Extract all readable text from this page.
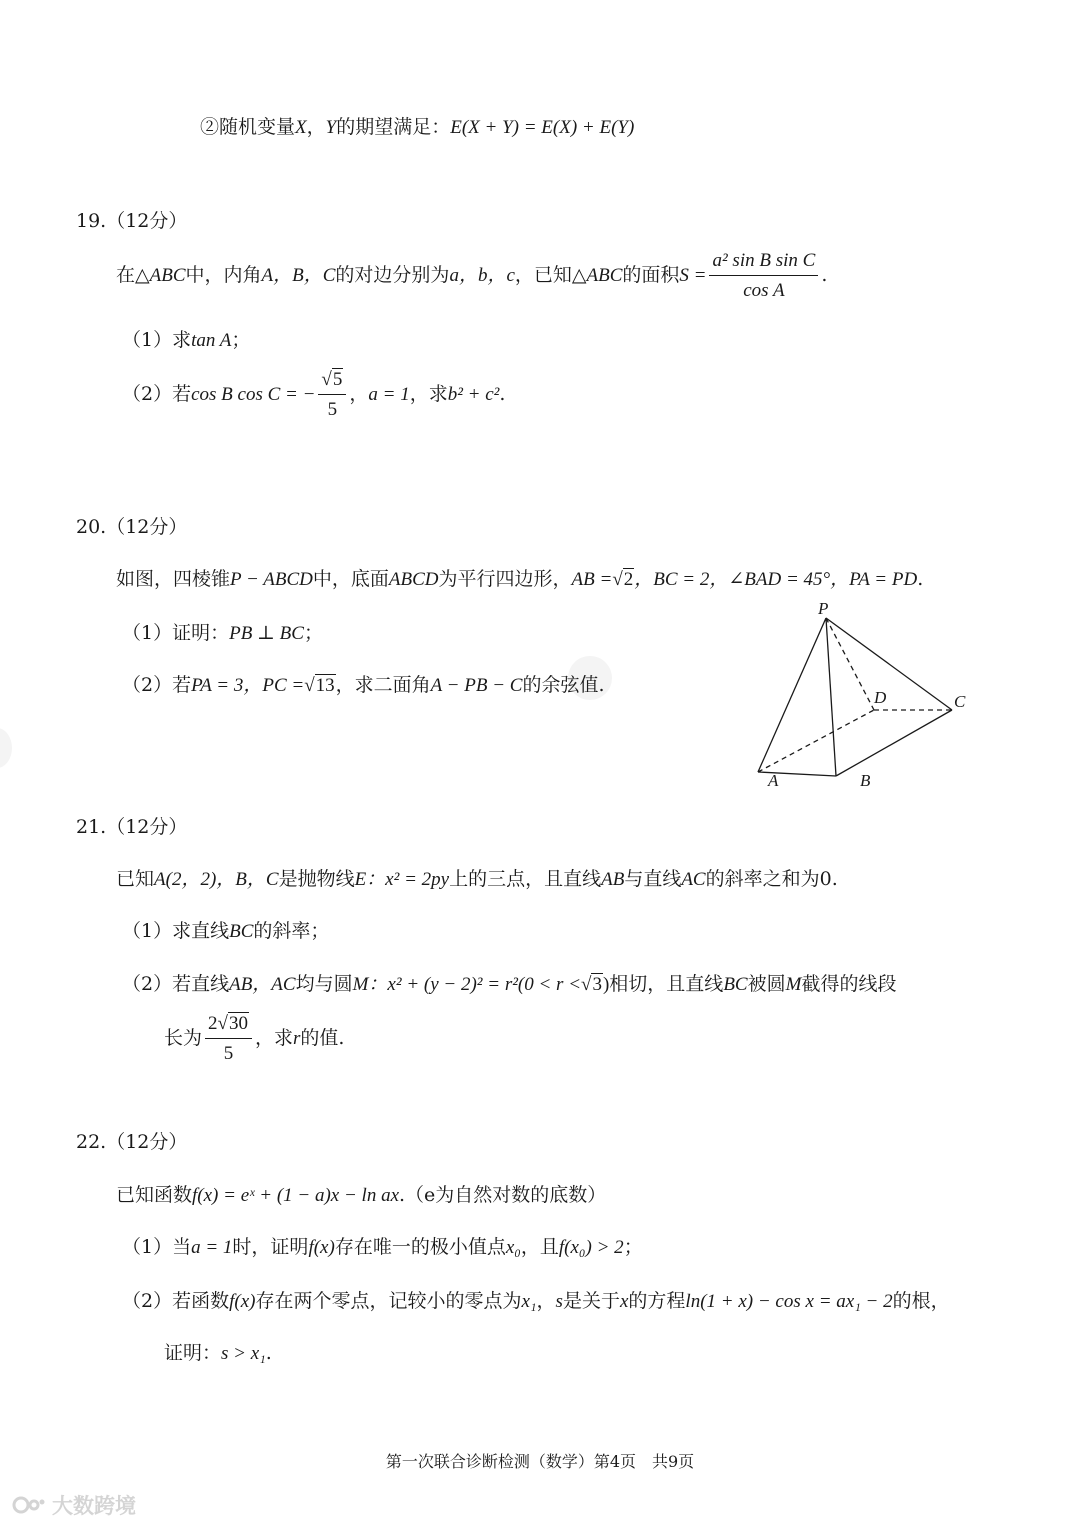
②随机变量X，Y的期望满足：E(X + Y) = E(X) + E(Y)
19.（12分）
在△ABC中，内角A，B，C的对边分别为a，b，c，已知△ABC的面积$S = \frac{\text{a² sin B sin C}}{\text{cos A}}$ .
（1）求tan A；
（2）若cos B cos C = − $\frac{√5}{5}$ ，a = 1，求b² + c².
20.（12分）
如图，四棱锥P − ABCD中，底面ABCD为平行四边形，AB =√2，BC = 2，∠BAD = 45°，PA = PD.
（1）证明：PB ⊥ BC；
（2）若PA = 3，PC =√13，求二面角A − PB − C的余弦值.
P
D	C
A	B
21.（12分）
已知A(2，2)，B，C是抛物线E：x² = 2py上的三点，且直线AB与直线AC的斜率之和为0.
（1）求直线BC的斜率；
（2）若直线AB，AC均与圆M：x² + (y − 2)² = r²(0 < r <√3)相切，且直线BC被圆M截得的线段
长为 $\frac{2√30}{5}$ ，求r的值.
22.（12分）
已知函数f(x) = eˣ + (1 − a)x − ln ax.（e为自然对数的底数）
（1）当a = 1时，证明f(x)存在唯一的极小值点x₀，且f(x₀) > 2；
（2）若函数f(x)存在两个零点，记较小的零点为x₁，s是关于x的方程ln(1 + x) − cos x = ax₁ − 2的根，
证明：s > x₁.
第一次联合诊断检测（数学）第4页　共9页
大数跨境
